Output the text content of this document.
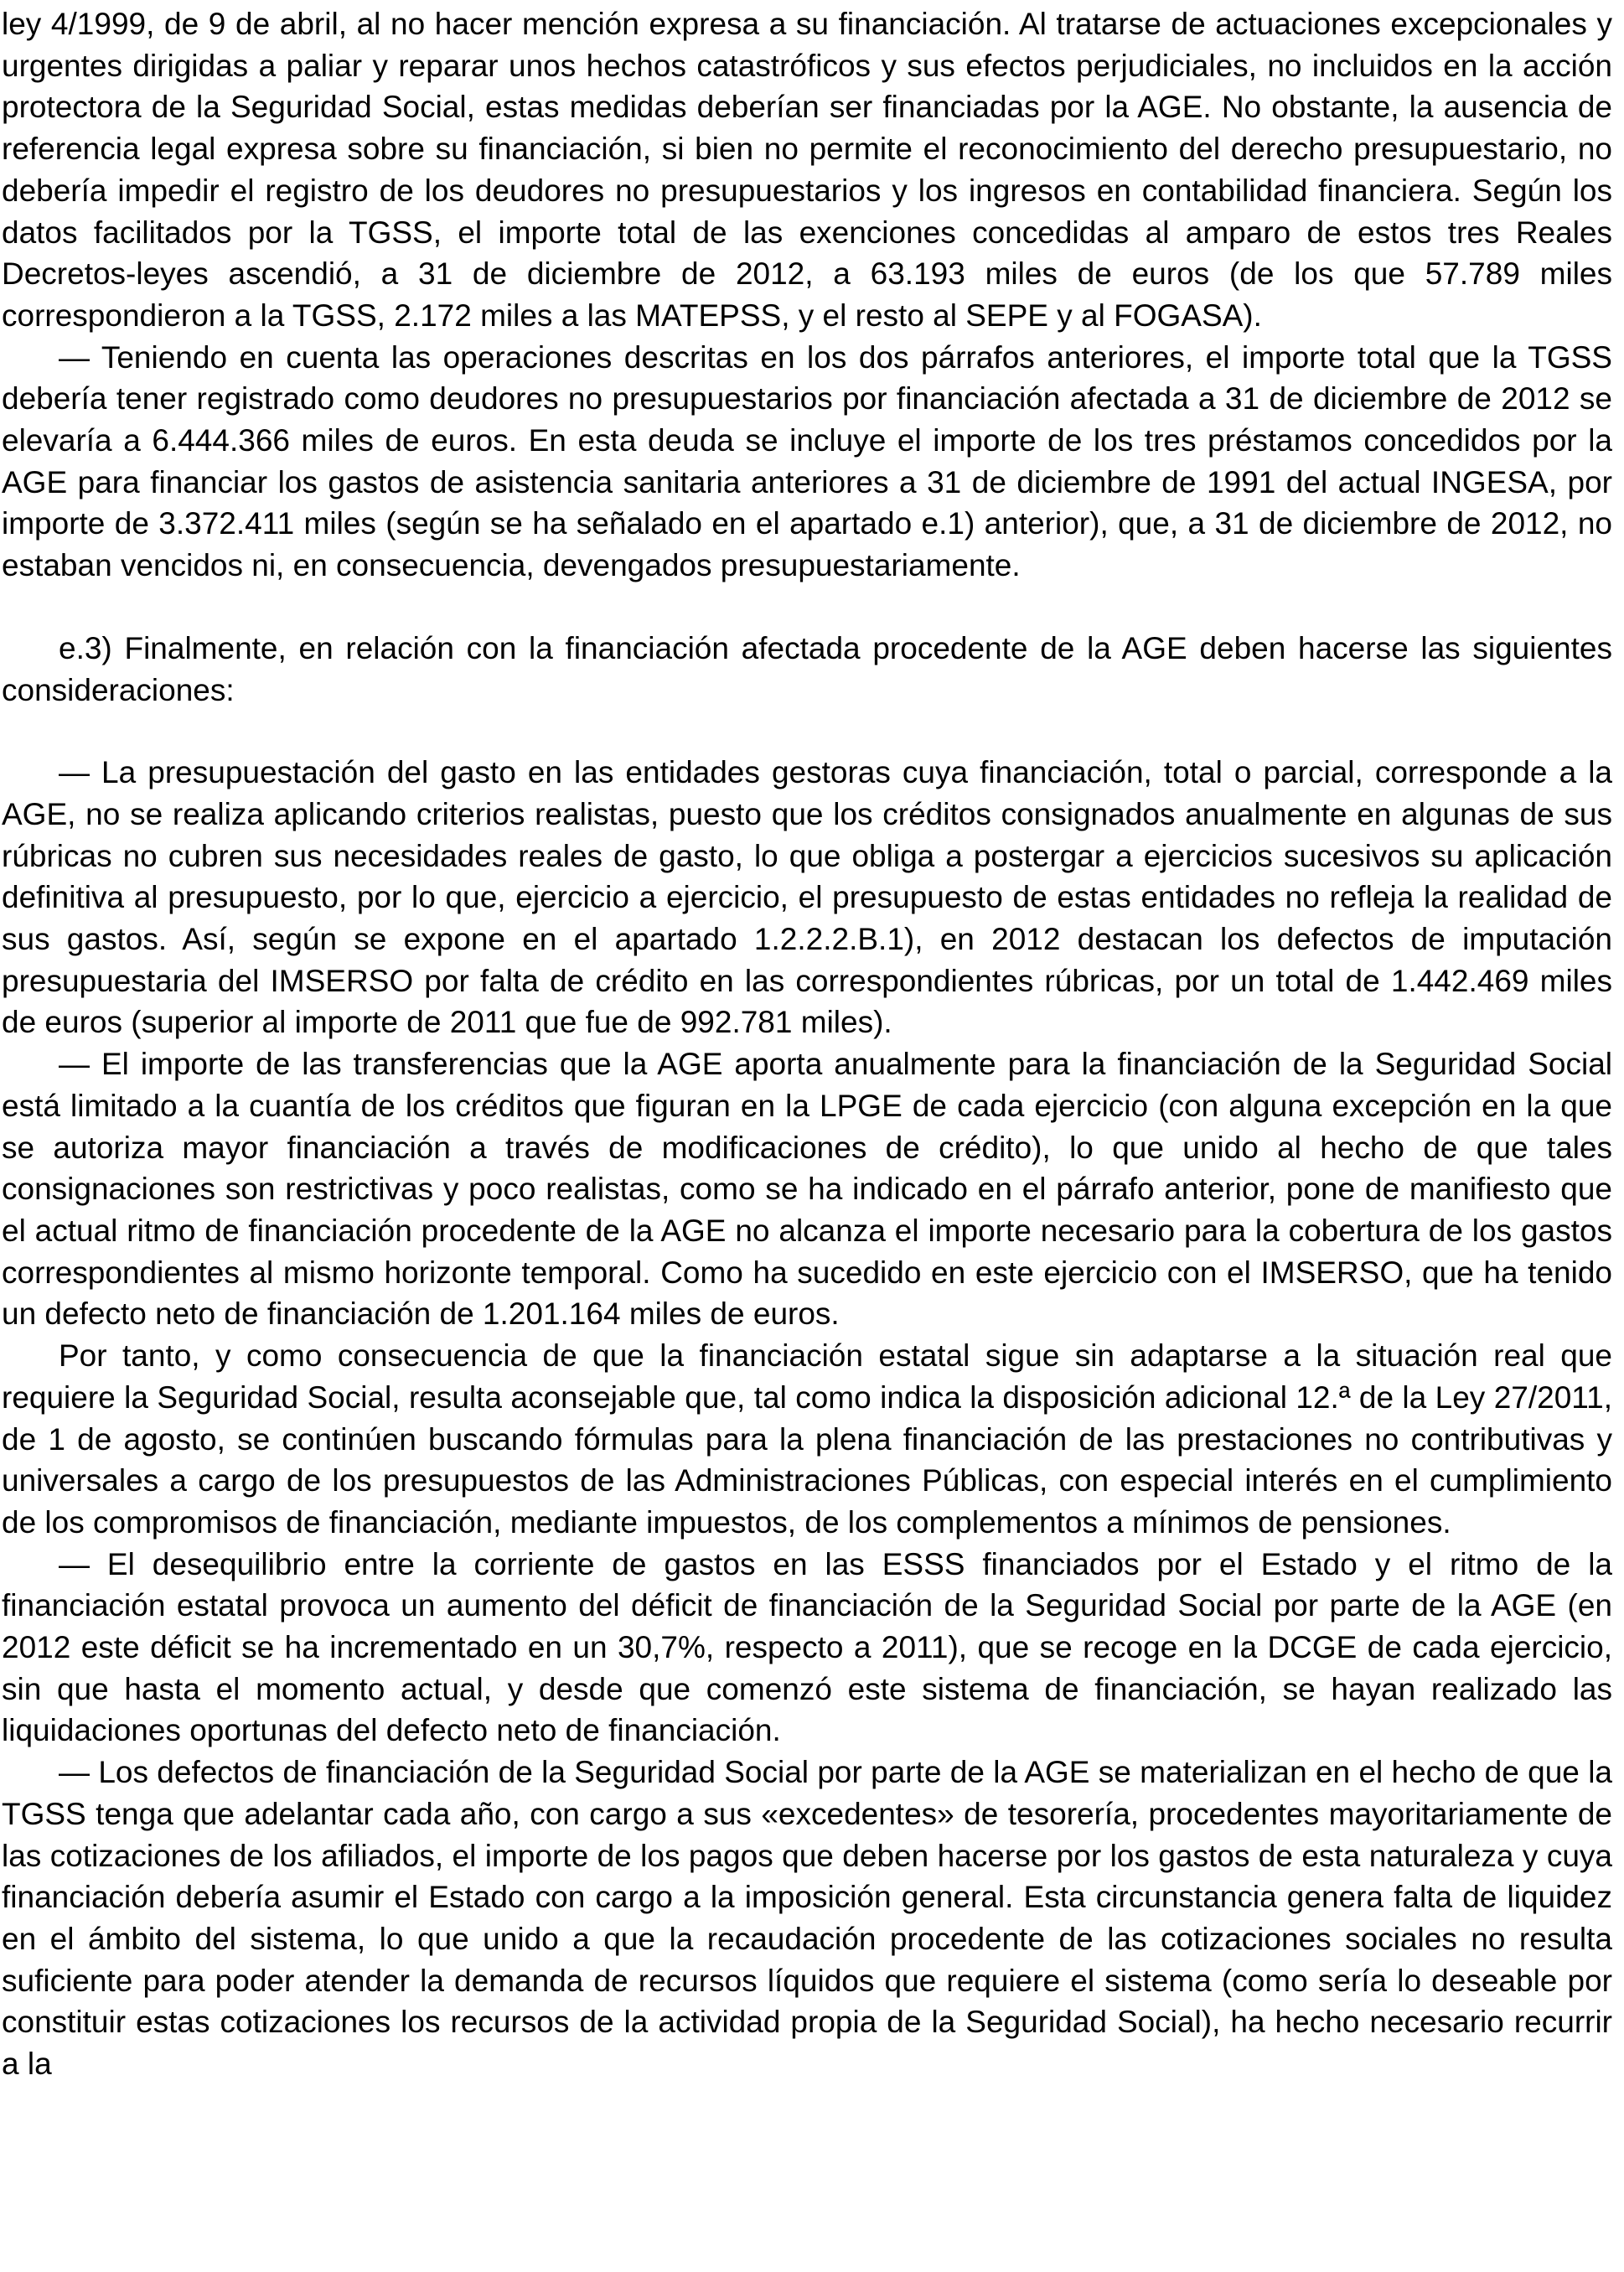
ley 4/1999, de 9 de abril, al no hacer mención expresa a su financiación. Al tratarse de actuaciones excepcionales y urgentes dirigidas a paliar y reparar unos hechos catastróficos y sus efectos perjudiciales, no incluidos en la acción protectora de la Seguridad Social, estas medidas deberían ser financiadas por la AGE. No obstante, la ausencia de referencia legal expresa sobre su financiación, si bien no permite el reconocimiento del derecho presupuestario, no debería impedir el registro de los deudores no presupuestarios y los ingresos en contabilidad financiera. Según los datos facilitados por la TGSS, el importe total de las exenciones concedidas al amparo de estos tres Reales Decretos-leyes ascendió, a 31 de diciembre de 2012, a 63.193 miles de euros (de los que 57.789 miles correspondieron a la TGSS, 2.172 miles a las MATEPSS, y el resto al SEPE y al FOGASA).

— Teniendo en cuenta las operaciones descritas en los dos párrafos anteriores, el importe total que la TGSS debería tener registrado como deudores no presupuestarios por financiación afectada a 31 de diciembre de 2012 se elevaría a 6.444.366 miles de euros. En esta deuda se incluye el importe de los tres préstamos concedidos por la AGE para financiar los gastos de asistencia sanitaria anteriores a 31 de diciembre de 1991 del actual INGESA, por importe de 3.372.411 miles (según se ha señalado en el apartado e.1) anterior), que, a 31 de diciembre de 2012, no estaban vencidos ni, en consecuencia, devengados presupuestariamente.

e.3) Finalmente, en relación con la financiación afectada procedente de la AGE deben hacerse las siguientes consideraciones:

— La presupuestación del gasto en las entidades gestoras cuya financiación, total o parcial, corresponde a la AGE, no se realiza aplicando criterios realistas, puesto que los créditos consignados anualmente en algunas de sus rúbricas no cubren sus necesidades reales de gasto, lo que obliga a postergar a ejercicios sucesivos su aplicación definitiva al presupuesto, por lo que, ejercicio a ejercicio, el presupuesto de estas entidades no refleja la realidad de sus gastos. Así, según se expone en el apartado 1.2.2.2.B.1), en 2012 destacan los defectos de imputación presupuestaria del IMSERSO por falta de crédito en las correspondientes rúbricas, por un total de 1.442.469 miles de euros (superior al importe de 2011 que fue de 992.781 miles).

— El importe de las transferencias que la AGE aporta anualmente para la financiación de la Seguridad Social está limitado a la cuantía de los créditos que figuran en la LPGE de cada ejercicio (con alguna excepción en la que se autoriza mayor financiación a través de modificaciones de crédito), lo que unido al hecho de que tales consignaciones son restrictivas y poco realistas, como se ha indicado en el párrafo anterior, pone de manifiesto que el actual ritmo de financiación procedente de la AGE no alcanza el importe necesario para la cobertura de los gastos correspondientes al mismo horizonte temporal. Como ha sucedido en este ejercicio con el IMSERSO, que ha tenido un defecto neto de financiación de 1.201.164 miles de euros.

Por tanto, y como consecuencia de que la financiación estatal sigue sin adaptarse a la situación real que requiere la Seguridad Social, resulta aconsejable que, tal como indica la disposición adicional 12.ª de la Ley 27/2011, de 1 de agosto, se continúen buscando fórmulas para la plena financiación de las prestaciones no contributivas y universales a cargo de los presupuestos de las Administraciones Públicas, con especial interés en el cumplimiento de los compromisos de financiación, mediante impuestos, de los complementos a mínimos de pensiones.

— El desequilibrio entre la corriente de gastos en las ESSS financiados por el Estado y el ritmo de la financiación estatal provoca un aumento del déficit de financiación de la Seguridad Social por parte de la AGE (en 2012 este déficit se ha incrementado en un 30,7%, respecto a 2011), que se recoge en la DCGE de cada ejercicio, sin que hasta el momento actual, y desde que comenzó este sistema de financiación, se hayan realizado las liquidaciones oportunas del defecto neto de financiación.

— Los defectos de financiación de la Seguridad Social por parte de la AGE se materializan en el hecho de que la TGSS tenga que adelantar cada año, con cargo a sus «excedentes» de tesorería, procedentes mayoritariamente de las cotizaciones de los afiliados, el importe de los pagos que deben hacerse por los gastos de esta naturaleza y cuya financiación debería asumir el Estado con cargo a la imposición general. Esta circunstancia genera falta de liquidez en el ámbito del sistema, lo que unido a que la recaudación procedente de las cotizaciones sociales no resulta suficiente para poder atender la demanda de recursos líquidos que requiere el sistema (como sería lo deseable por constituir estas cotizaciones los recursos de la actividad propia de la Seguridad Social), ha hecho necesario recurrir a la
